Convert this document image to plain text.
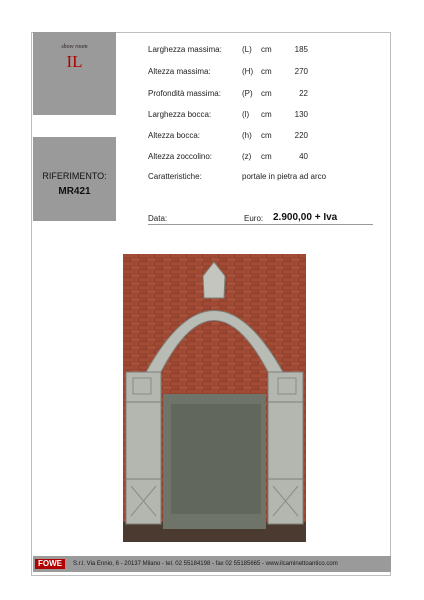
show room
IL
RIFERIMENTO:
MR421
Larghezza massima:	(L) cm	185
Altezza massima:	(H) cm	270
Profondità massima:	(P) cm	22
Larghezza bocca:	(l) cm	130
Altezza bocca:	(h) cm	220
Altezza zoccolino:	(z) cm	40
Caratteristiche:	portale in pietra ad arco
Data:	Euro: 2.900,00 + Iva
FOWE	S.r.l. Via Ennio, 6 - 20137 Milano - tel. 02 55184198 - fax 02 55185665 - www.ilcaminettoantico.com
